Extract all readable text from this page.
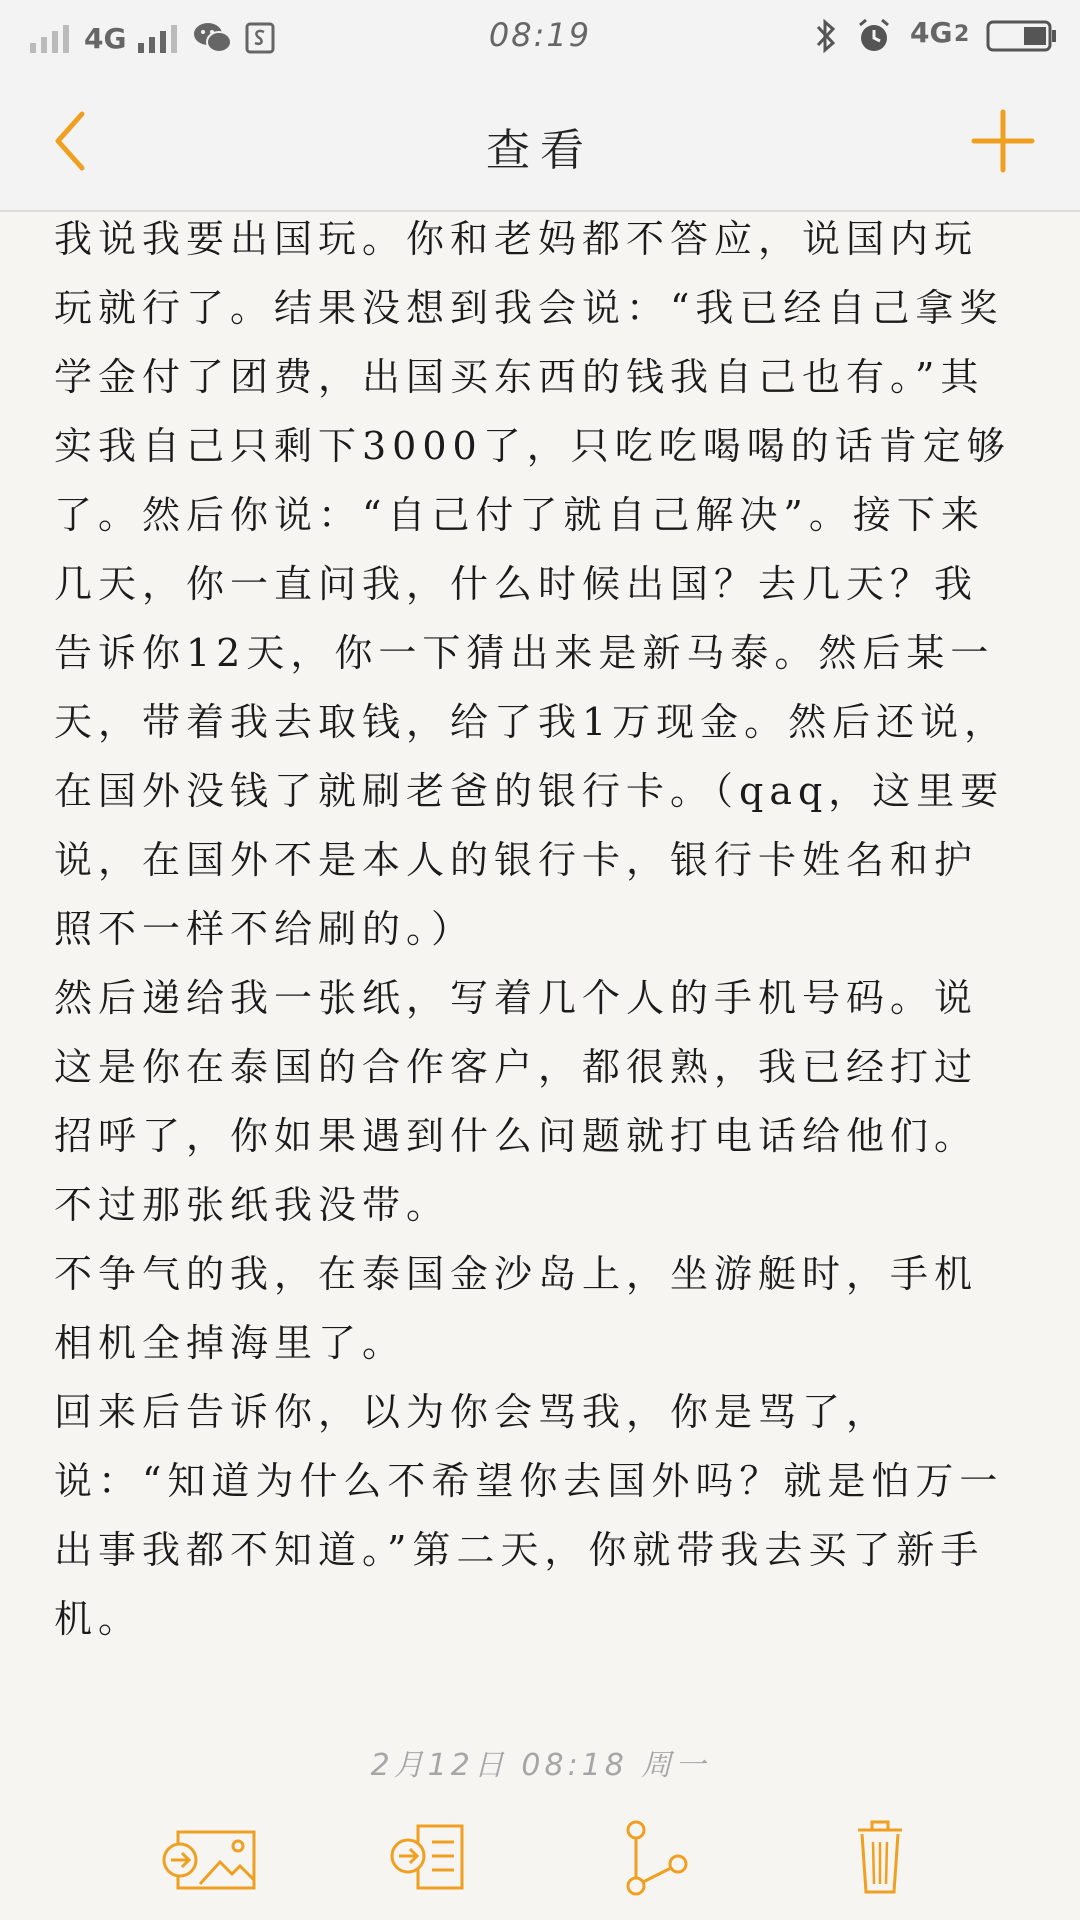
4G	08:19	4G 2
查看

我说我要出国玩。你和老妈都不答应，说国内玩玩就行了。结果没想到我会说：“我已经自己拿奖学金付了团费，出国买东西的钱我自己也有。”其实我自己只剩下3000了，只吃吃喝喝的话肯定够了。然后你说：“自己付了就自己解决”。接下来几天，你一直问我，什么时候出国？去几天？我告诉你12天，你一下猜出来是新马泰。然后某一天，带着我去取钱，给了我1万现金。然后还说，在国外没钱了就刷老爸的银行卡。（qaq，这里要说，在国外不是本人的银行卡，银行卡姓名和护照不一样不给刷的。）

然后递给我一张纸，写着几个人的手机号码。说这是你在泰国的合作客户，都很熟，我已经打过招呼了，你如果遇到什么问题就打电话给他们。不过那张纸我没带。

不争气的我，在泰国金沙岛上，坐游艇时，手机相机全掉海里了。

回来后告诉你，以为你会骂我，你是骂了，说：“知道为什么不希望你去国外吗？就是怕万一出事我都不知道。”第二天，你就带我去买了新手机。

2月12日 08:18 周一
